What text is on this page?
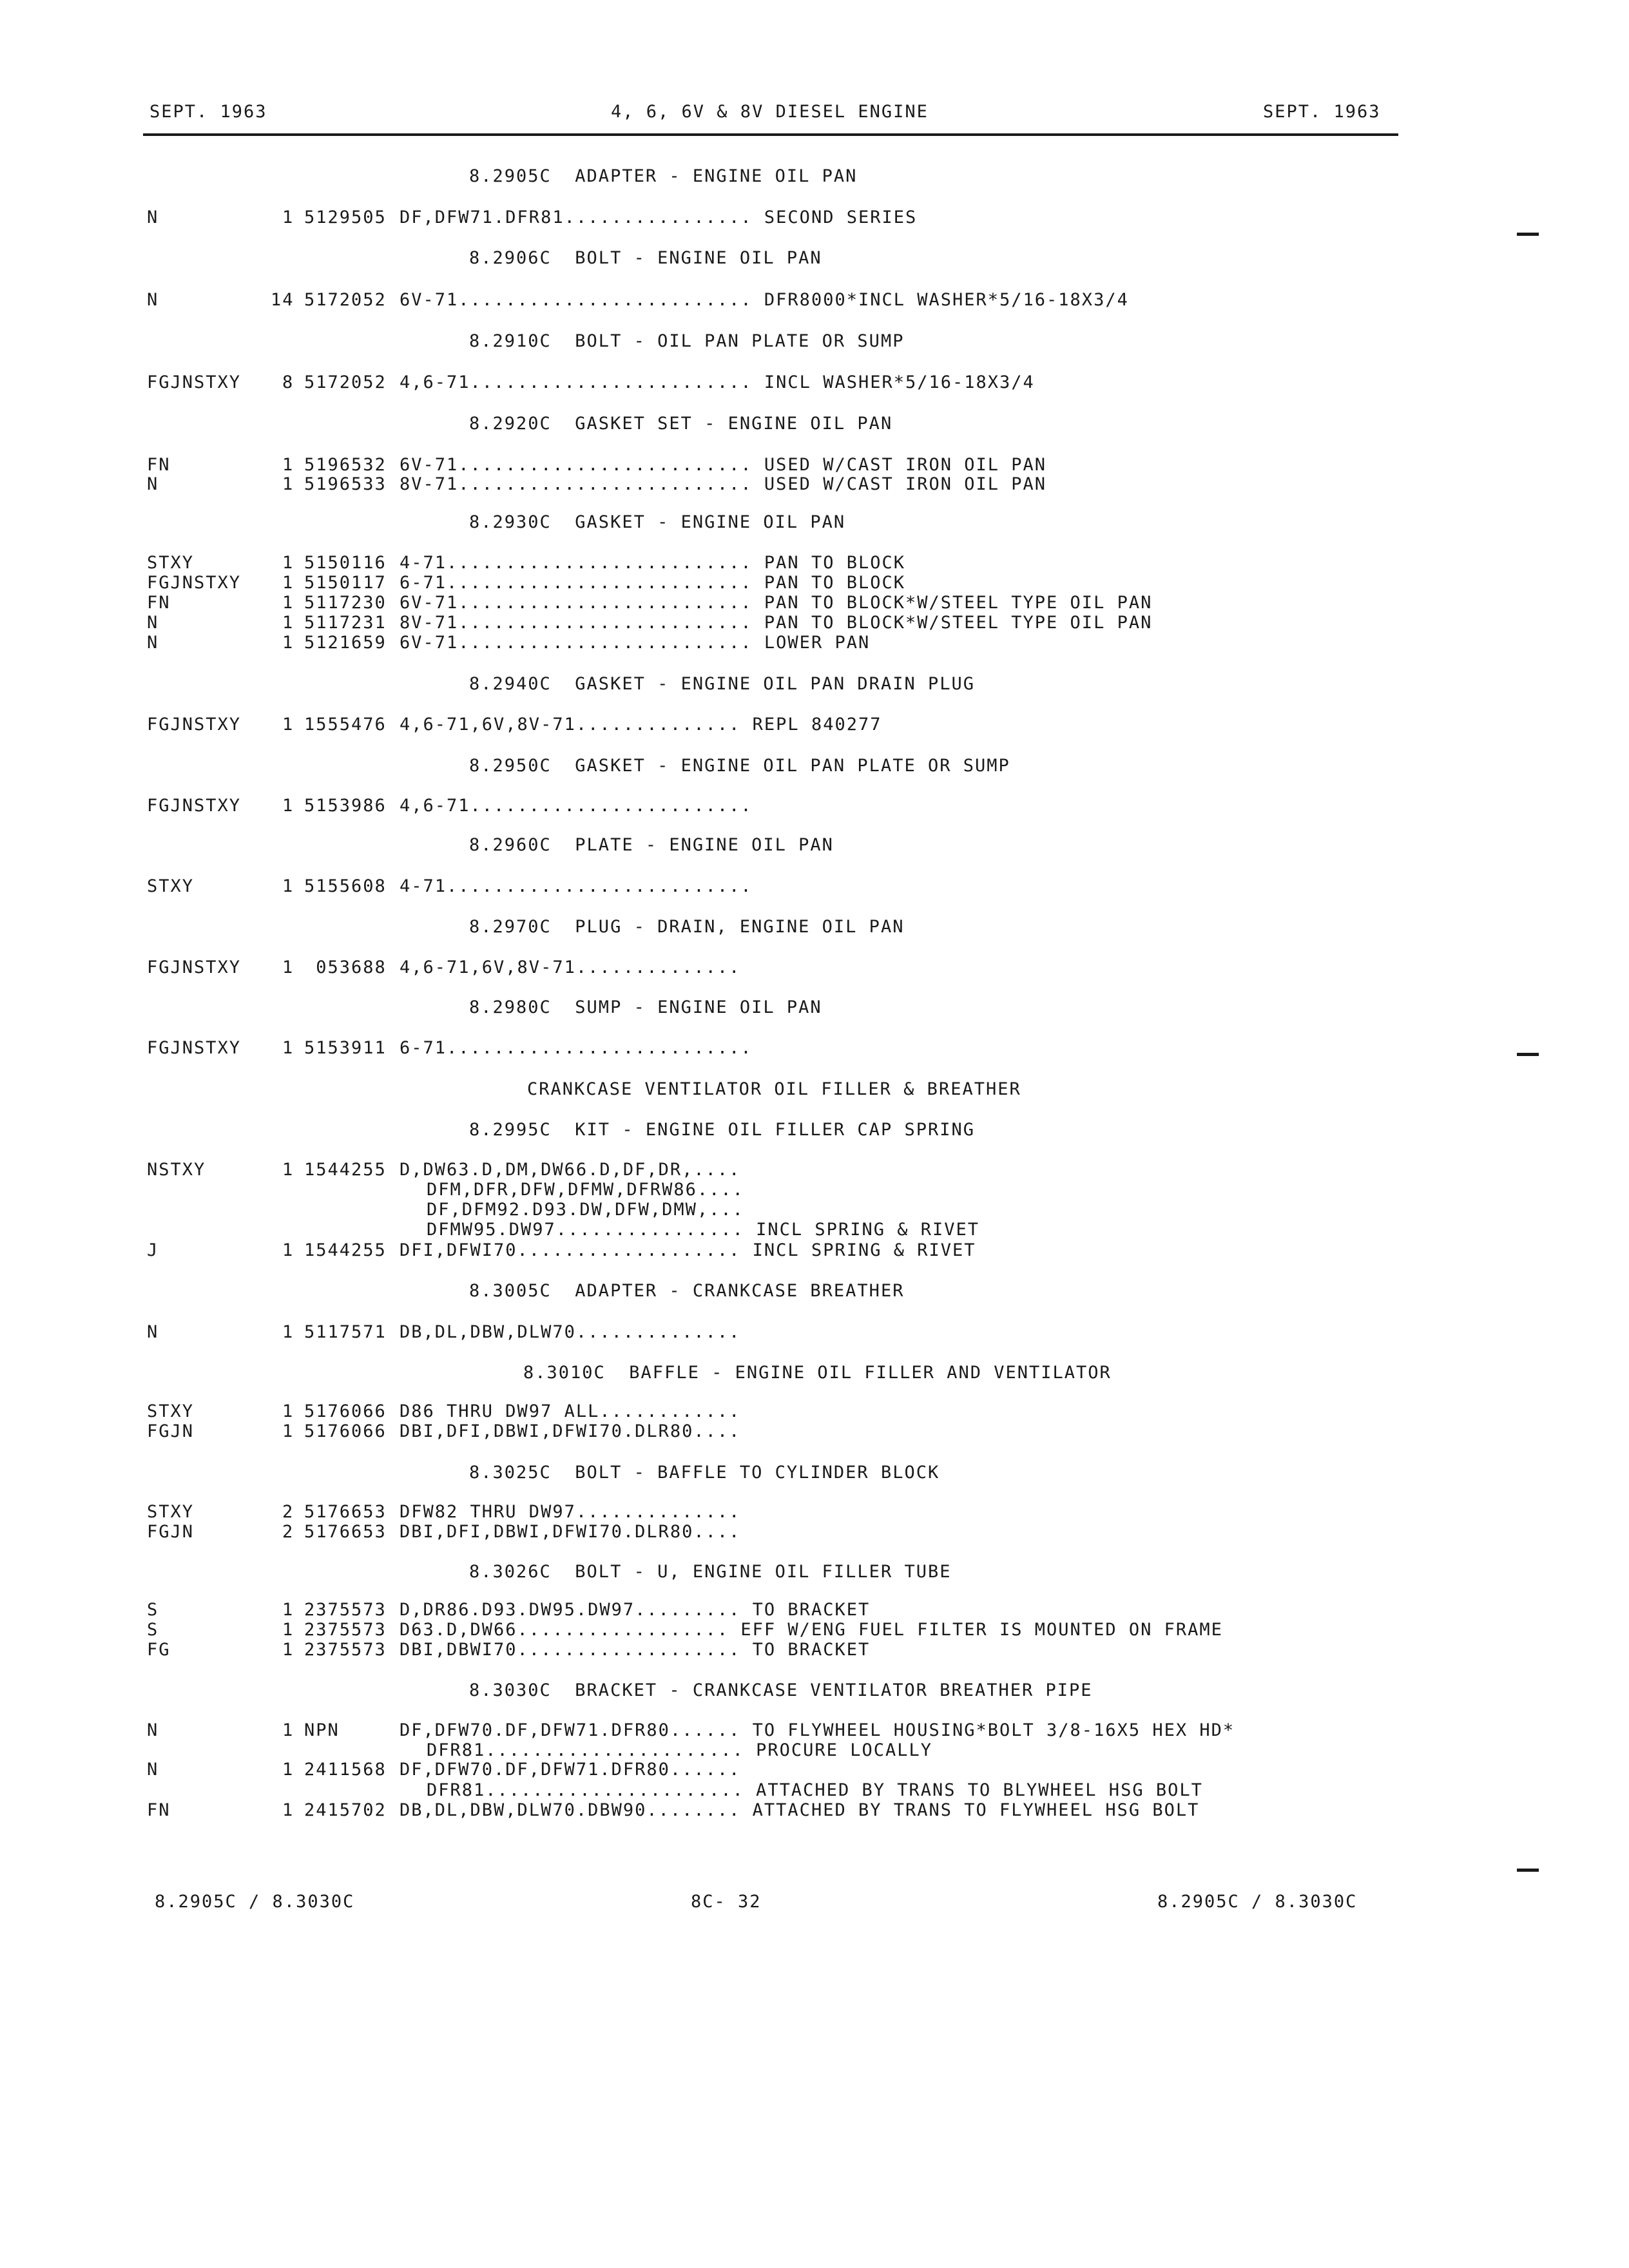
SEPT. 1963	4, 6, 6V & 8V DIESEL ENGINE	SEPT. 1963
8.2905C  ADAPTER - ENGINE OIL PAN
N	1 5129505 DF,DFW71.DFR81................ SECOND SERIES
8.2906C  BOLT - ENGINE OIL PAN
N	14 5172052 6V-71......................... DFR8000*INCL WASHER*5/16-18X3/4
8.2910C  BOLT - OIL PAN PLATE OR SUMP
FGJNSTXY 8 5172052 4,6-71........................ INCL WASHER*5/16-18X3/4
8.2920C  GASKET SET - ENGINE OIL PAN
FN	1 5196532 6V-71......................... USED W/CAST IRON OIL PAN
N	1 5196533 8V-71......................... USED W/CAST IRON OIL PAN
8.2930C  GASKET - ENGINE OIL PAN
STXY	1 5150116 4-71.......................... PAN TO BLOCK
FGJNSTXY 1 5150117 6-71.......................... PAN TO BLOCK
FN	1 5117230 6V-71......................... PAN TO BLOCK*W/STEEL TYPE OIL PAN
N	1 5117231 8V-71......................... PAN TO BLOCK*W/STEEL TYPE OIL PAN
N	1 5121659 6V-71......................... LOWER PAN
8.2940C  GASKET - ENGINE OIL PAN DRAIN PLUG
FGJNSTXY 1 1555476 4,6-71,6V,8V-71.............. REPL 840277
8.2950C  GASKET - ENGINE OIL PAN PLATE OR SUMP
FGJNSTXY 1 5153986 4,6-71........................
8.2960C  PLATE - ENGINE OIL PAN
STXY	1 5155608 4-71..........................
8.2970C  PLUG - DRAIN, ENGINE OIL PAN
FGJNSTXY 1 053688 4,6-71,6V,8V-71..............
8.2980C  SUMP - ENGINE OIL PAN
FGJNSTXY 1 5153911 6-71..........................
CRANKCASE VENTILATOR OIL FILLER & BREATHER
8.2995C  KIT - ENGINE OIL FILLER CAP SPRING
NSTXY	1 1544255 D,DW63.D,DM,DW66.D,DF,DR,....
DFM,DFR,DFW,DFMW,DFRW86....
DF,DFM92.D93.DW,DFW,DMW,...
DFMW95.DW97................ INCL SPRING & RIVET
J	1 1544255 DFI,DFWI70................... INCL SPRING & RIVET
8.3005C  ADAPTER - CRANKCASE BREATHER
N	1 5117571 DB,DL,DBW,DLW70..............
8.3010C  BAFFLE - ENGINE OIL FILLER AND VENTILATOR
STXY	1 5176066 D86 THRU DW97 ALL............
FGJN	1 5176066 DBI,DFI,DBWI,DFWI70.DLR80....
8.3025C  BOLT - BAFFLE TO CYLINDER BLOCK
STXY	2 5176653 DFW82 THRU DW97..............
FGJN	2 5176653 DBI,DFI,DBWI,DFWI70.DLR80....
8.3026C  BOLT - U, ENGINE OIL FILLER TUBE
S	1 2375573 D,DR86.D93.DW95.DW97......... TO BRACKET
S	1 2375573 D63.D,DW66.................. EFF W/ENG FUEL FILTER IS MOUNTED ON FRAME
FG	1 2375573 DBI,DBWI70................... TO BRACKET
8.3030C  BRACKET - CRANKCASE VENTILATOR BREATHER PIPE
N	1 NPN	DF,DFW70.DF,DFW71.DFR80...... TO FLYWHEEL HOUSING*BOLT 3/8-16X5 HEX HD*
DFR81...................... PROCURE LOCALLY
N	1 2411568 DF,DFW70.DF,DFW71.DFR80......
DFR81...................... ATTACHED BY TRANS TO BLYWHEEL HSG BOLT
FN	1 2415702 DB,DL,DBW,DLW70.DBW90........ ATTACHED BY TRANS TO FLYWHEEL HSG BOLT
8.2905C / 8.3030C	8C- 32	8.2905C / 8.3030C
